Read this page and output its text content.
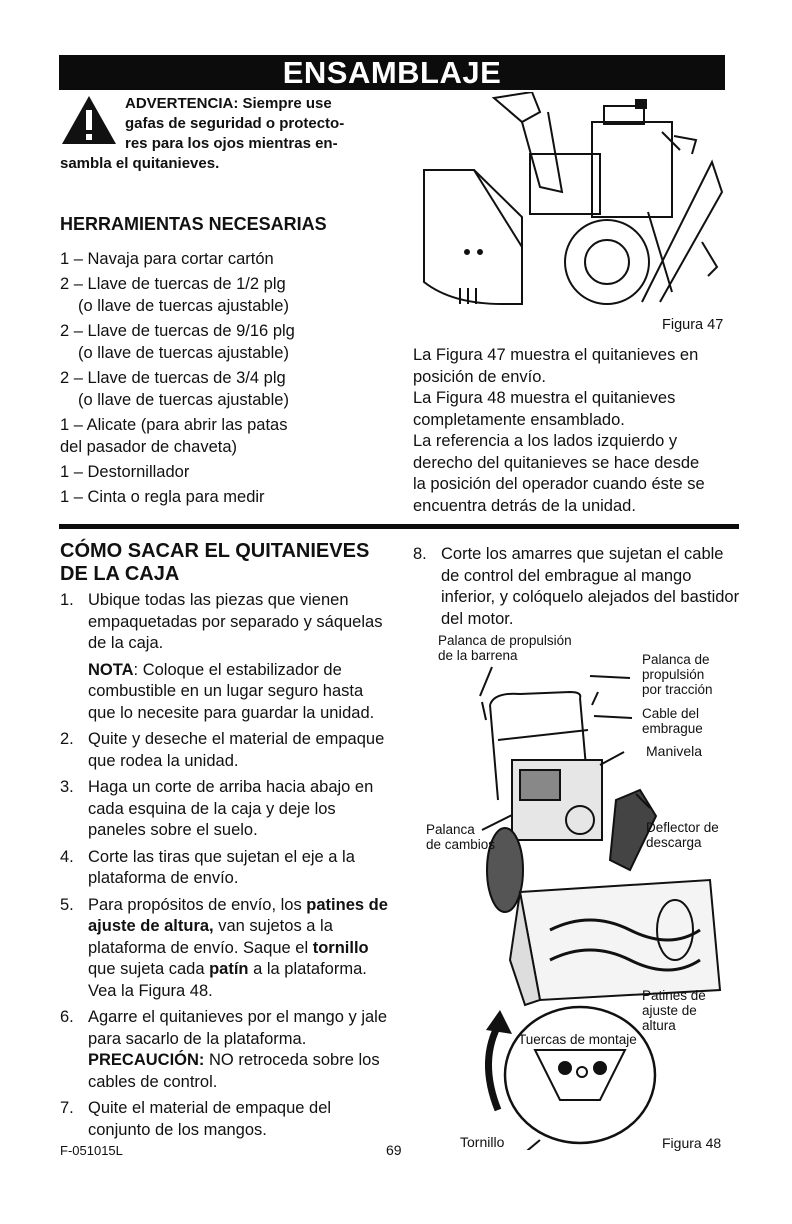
ENSAMBLAJE
ADVERTENCIA: Siempre use
gafas de seguridad o protecto-
res para los ojos mientras en-
sambla el quitanieves.
HERRAMIENTAS NECESARIAS
1 – Navaja para cortar cartón
2 – Llave de tuercas de 1/2 plg
(o llave de tuercas ajustable)
2 – Llave de tuercas de 9/16 plg
(o llave de tuercas ajustable)
2 – Llave de tuercas de 3/4 plg
(o llave de tuercas ajustable)
1 – Alicate (para abrir las patas
del pasador de chaveta)
1 – Destornillador
1 – Cinta o regla para medir
Figura 47
La Figura 47 muestra el quitanieves en
posición de envío.
La Figura 48 muestra el quitanieves
completamente ensamblado.
La referencia a los lados izquierdo y
derecho del quitanieves se hace desde
la posición del operador cuando éste se
encuentra detrás de la unidad.
CÓMO SACAR EL QUITANIEVES
DE LA CAJA
1. Ubique todas las piezas que vienen empaquetadas por separado y sáquelas de la caja.
NOTA: Coloque el estabilizador de combustible en un lugar seguro hasta que lo necesite para guardar la unidad.
2. Quite y deseche el material de empaque que rodea la unidad.
3. Haga un corte de arriba hacia abajo en cada esquina de la caja y deje los paneles sobre el suelo.
4. Corte las tiras que sujetan el eje a la plataforma de envío.
5. Para propósitos de envío, los patines de ajuste de altura, van sujetos a la plataforma de envío. Saque el tornillo que sujeta cada patín a la plataforma. Vea la Figura 48.
6. Agarre el quitanieves por el mango y jale para sacarlo de la plataforma. PRECAUCIÓN: NO retroceda sobre los cables de control.
7. Quite el material de empaque del conjunto de los mangos.
8. Corte los amarres que sujetan el cable de control del embrague al mango inferior, y colóquelo alejados del bastidor del motor.
Palanca de propulsión
de la barrena	Palanca de
propulsión
por tracción
Cable del
embrague
Manivela
Palanca
de cambios
Deflector de
descarga
Patines de
ajuste de
altura
Tuercas de montaje
Tornillo	Figura 48
F-051015L	69
